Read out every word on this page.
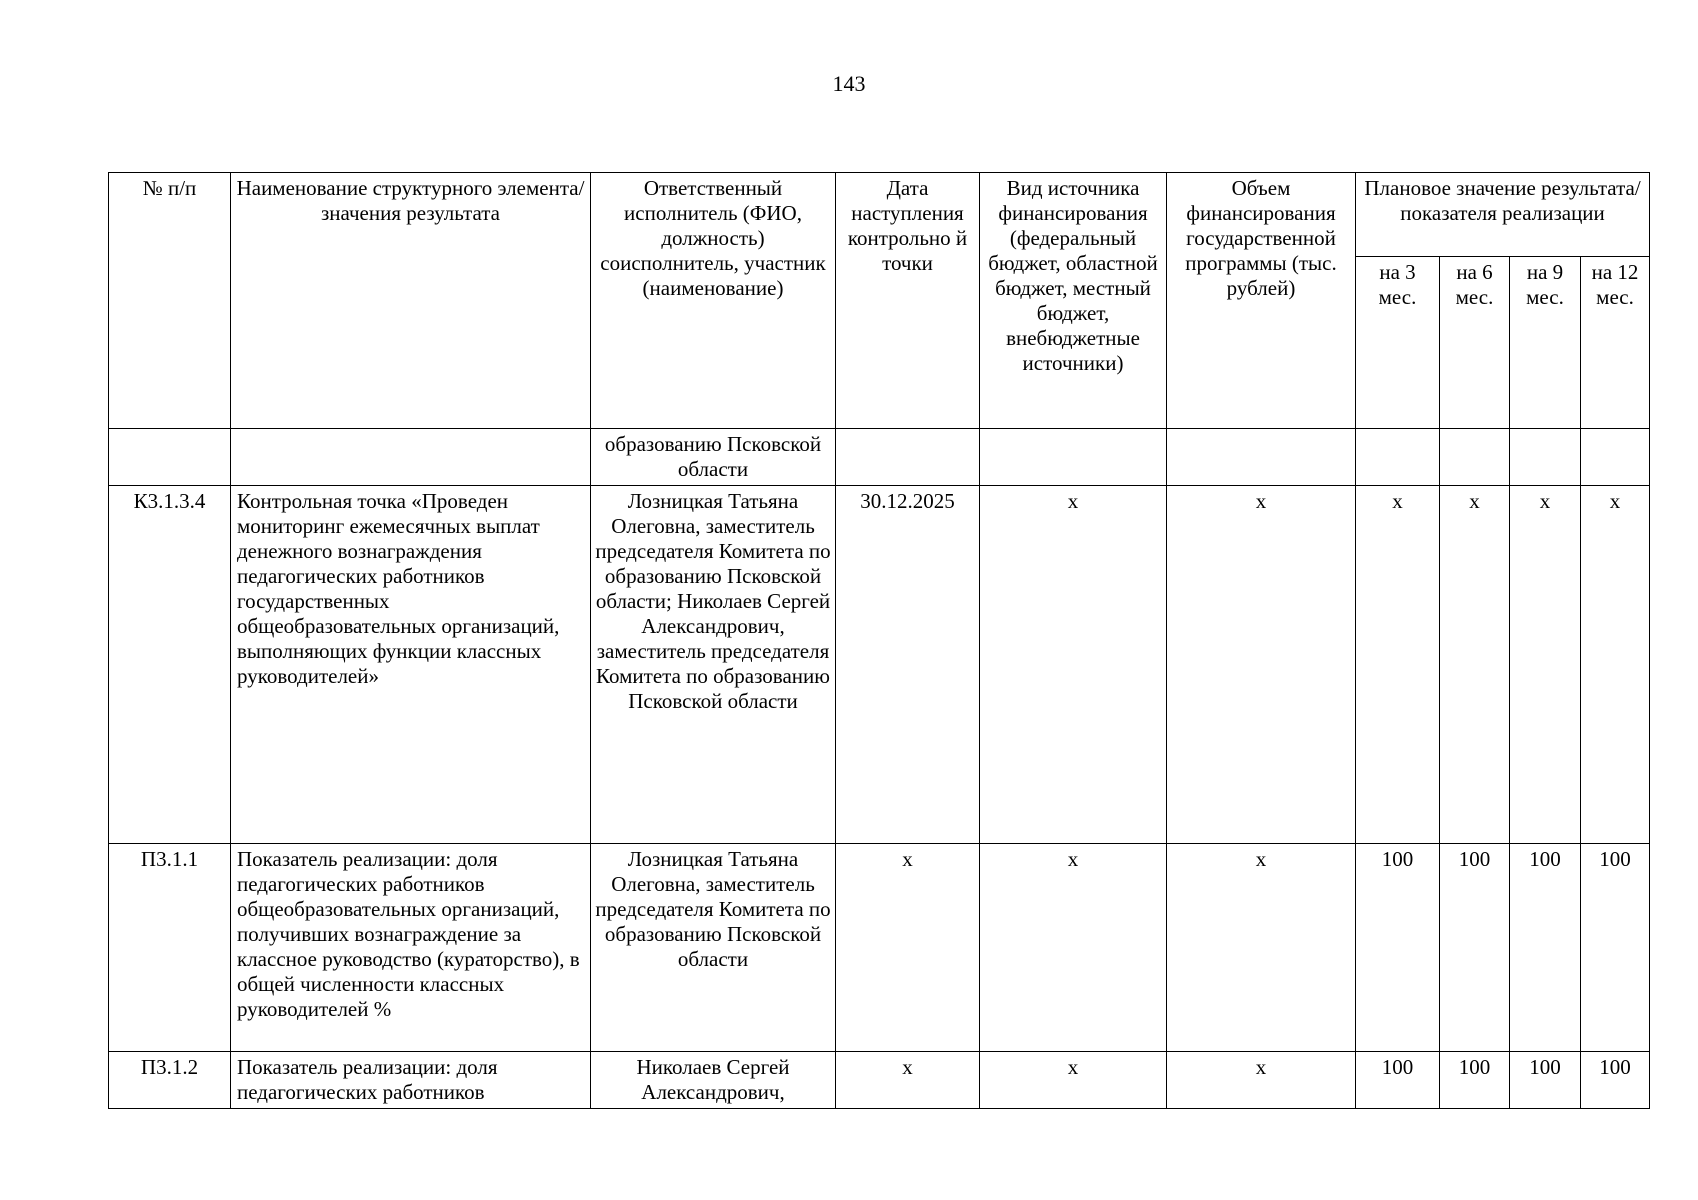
143
№ п/п	Наименование структурного элемента/ значения результата	Ответственный исполнитель (ФИО, должность) соисполнитель, участник (наименование)	Дата наступления контрольно й точки	Вид источника финансирования (федеральный бюджет, областной бюджет, местный бюджет, внебюджетные источники)	Объем финансирования государственной программы (тыс. рублей)	Плановое значение результата/показателя реализации			
						на 3 мес.	на 6 мес.	на 9 мес.	на 12 мес.
		образованию Псковской области							
К3.1.3.4	Контрольная точка «Проведен мониторинг ежемесячных выплат денежного вознаграждения педагогических работников государственных общеобразовательных организаций, выполняющих функции классных руководителей»	Лозницкая Татьяна Олеговна, заместитель председателя Комитета по образованию Псковской области; Николаев Сергей Александрович, заместитель председателя Комитета по образованию Псковской области	30.12.2025	x	x	x	x	x	x
П3.1.1	Показатель реализации: доля педагогических работников общеобразовательных организаций, получивших вознаграждение за классное руководство (кураторство), в общей численности классных руководителей %	Лозницкая Татьяна Олеговна, заместитель председателя Комитета по образованию Псковской области	x	x	x	100	100	100	100
П3.1.2	Показатель реализации: доля педагогических работников	Николаев Сергей Александрович,	x	x	x	100	100	100	100
